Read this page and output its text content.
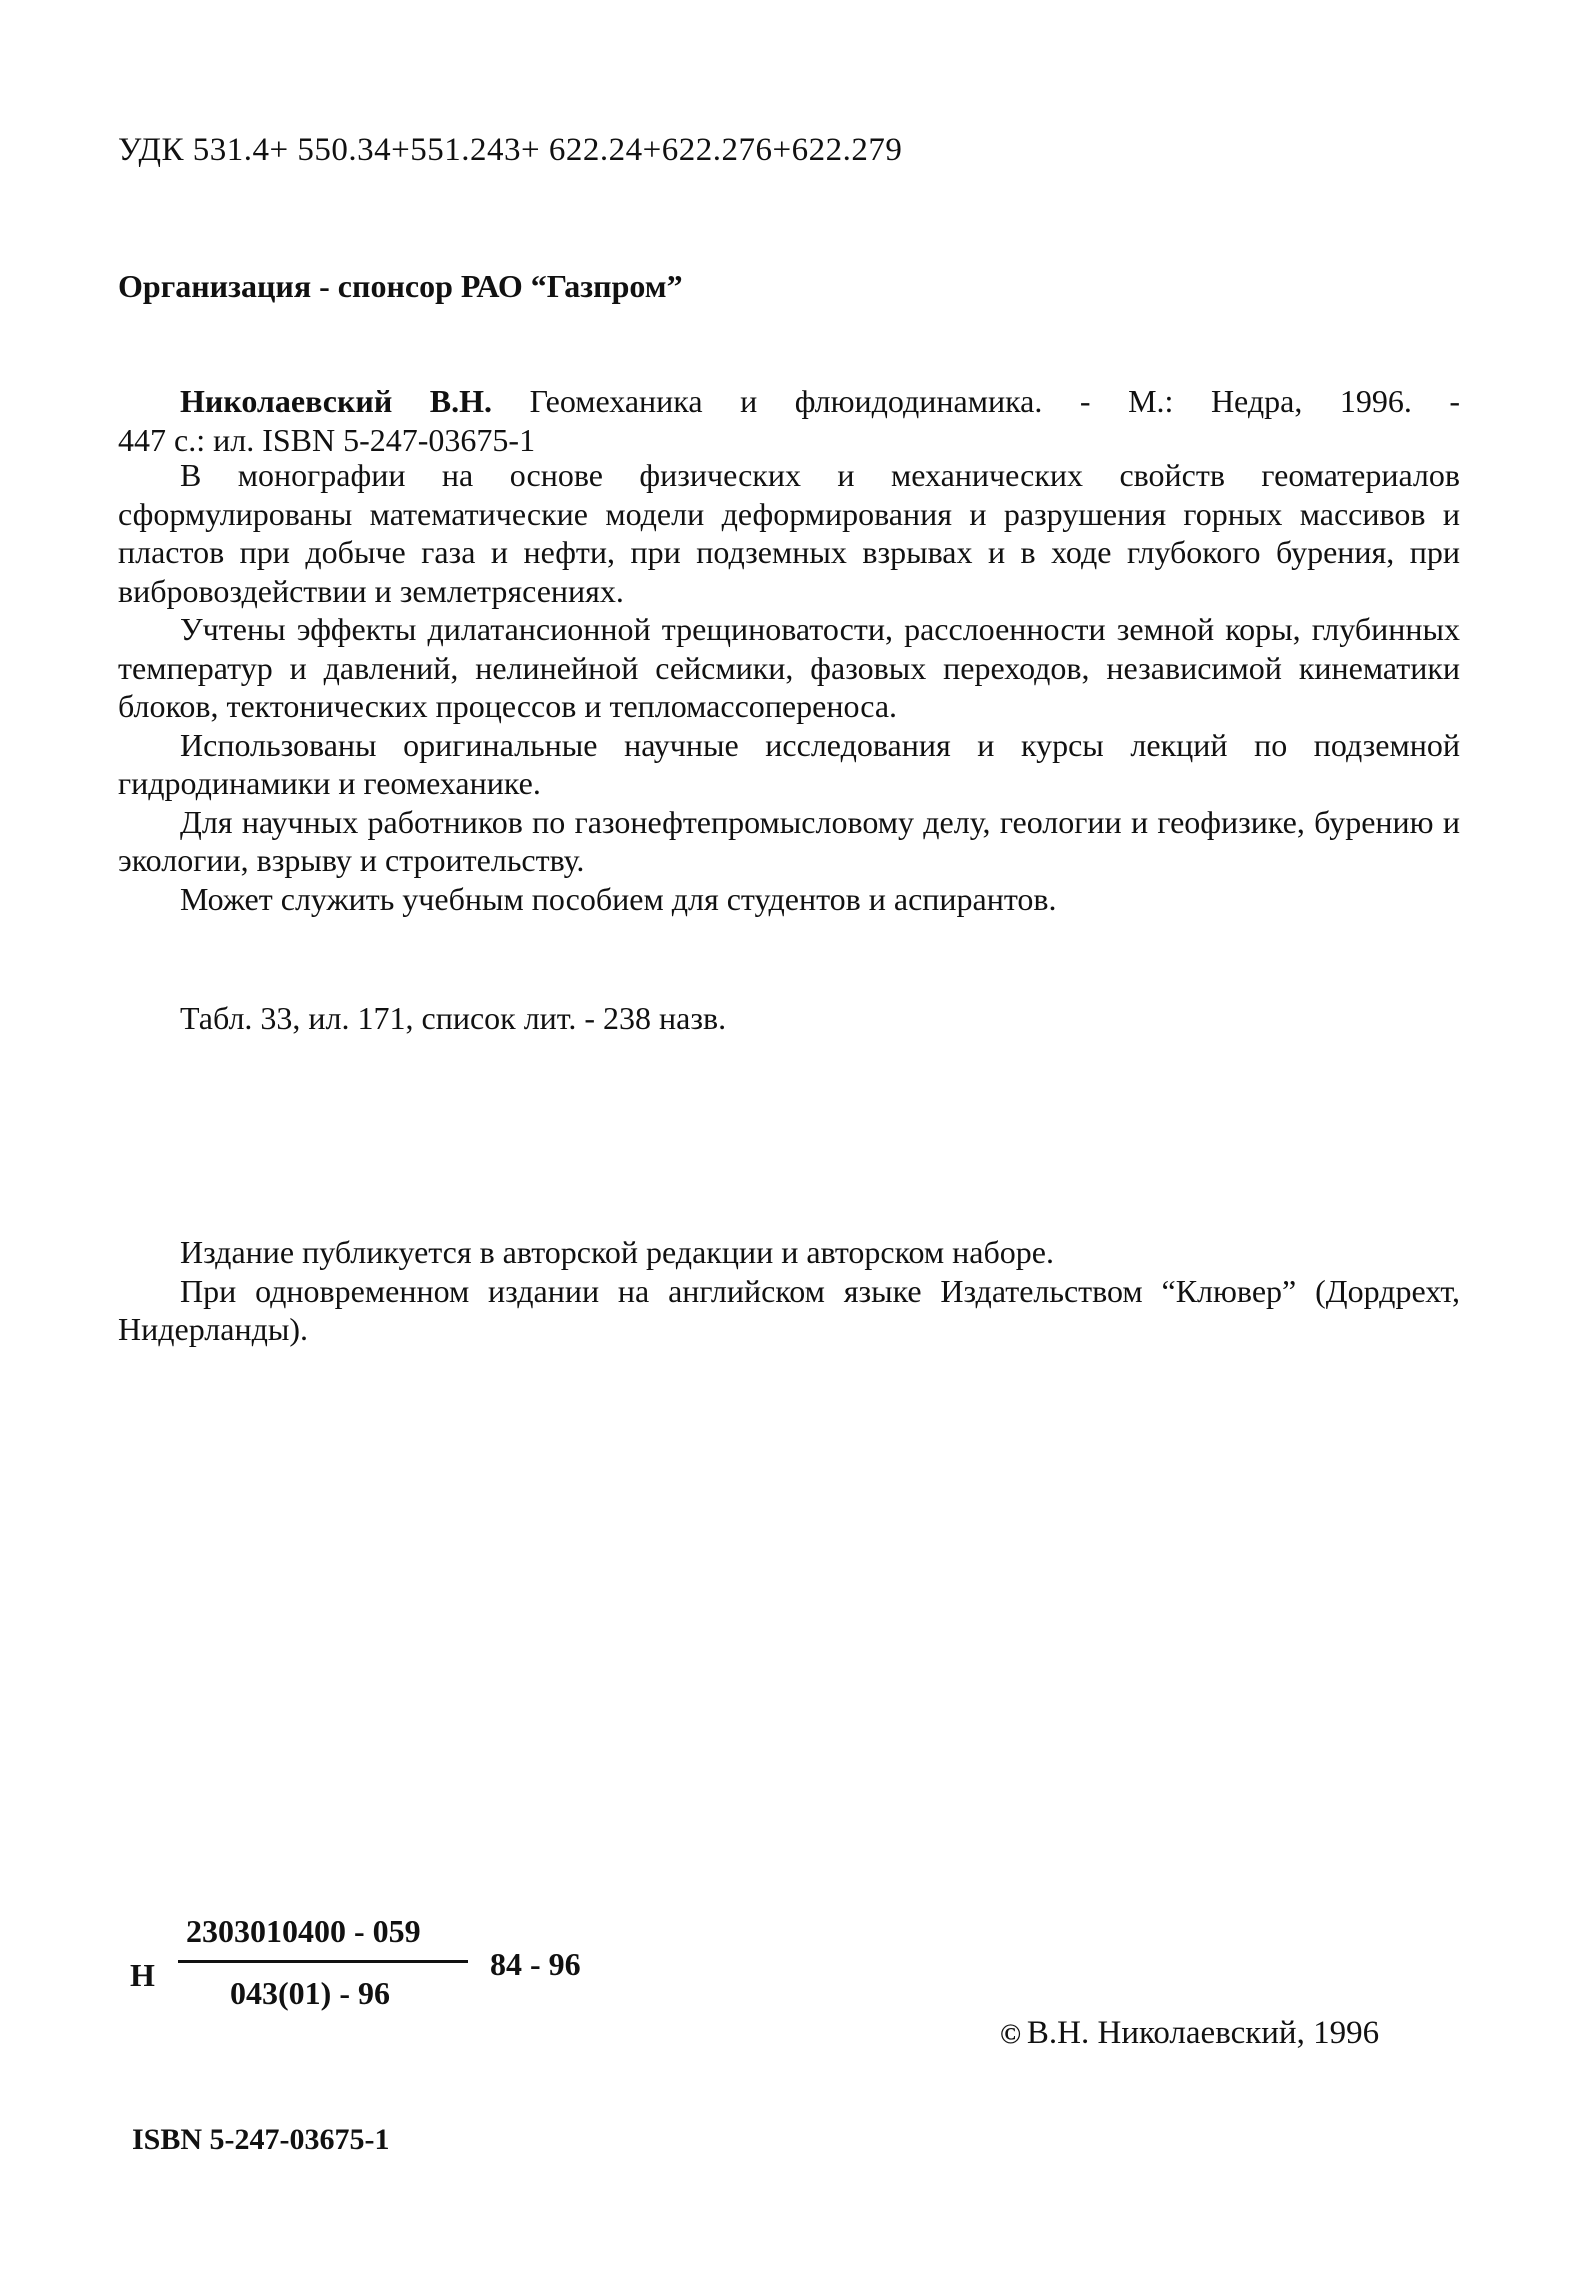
УДК 531.4+ 550.34+551.243+ 622.24+622.276+622.279
Организация - спонсор РАО “Газпром”
Николаевский В.Н. Геомеханика и флюидодинамика. - М.: Недра, 1996. -
447 с.: ил. ISBN 5-247-03675-1

В монографии на основе физических и механических свойств геоматериалов сформулированы математические модели деформирования и разрушения горных массивов и пластов при добыче газа и нефти, при подземных взрывах и в ходе глубокого бурения, при вибровоздействии и землетрясениях.

Учтены эффекты дилатансионной трещиноватости, расслоенности земной коры, глубинных температур и давлений, нелинейной сейсмики, фазовых переходов, независимой кинематики блоков, тектонических процессов и тепломассопереноса.

Использованы оригинальные научные исследования и курсы лекций по подземной гидродинамики и геомеханике.

Для научных работников по газонефтепромысловому делу, геологии и геофизике, бурению и экологии, взрыву и строительству.

Может служить учебным пособием для студентов и аспирантов.

Табл. 33, ил. 171, список лит. - 238 назв.

Издание публикуется в авторской редакции и авторском наборе.

При одновременном издании на английском языке Издательством “Клювер” (Дордрехт, Нидерланды).

Н
2303010400 - 059
043(01) - 96
84 - 96
© В.Н. Николаевский, 1996
ISBN 5-247-03675-1
